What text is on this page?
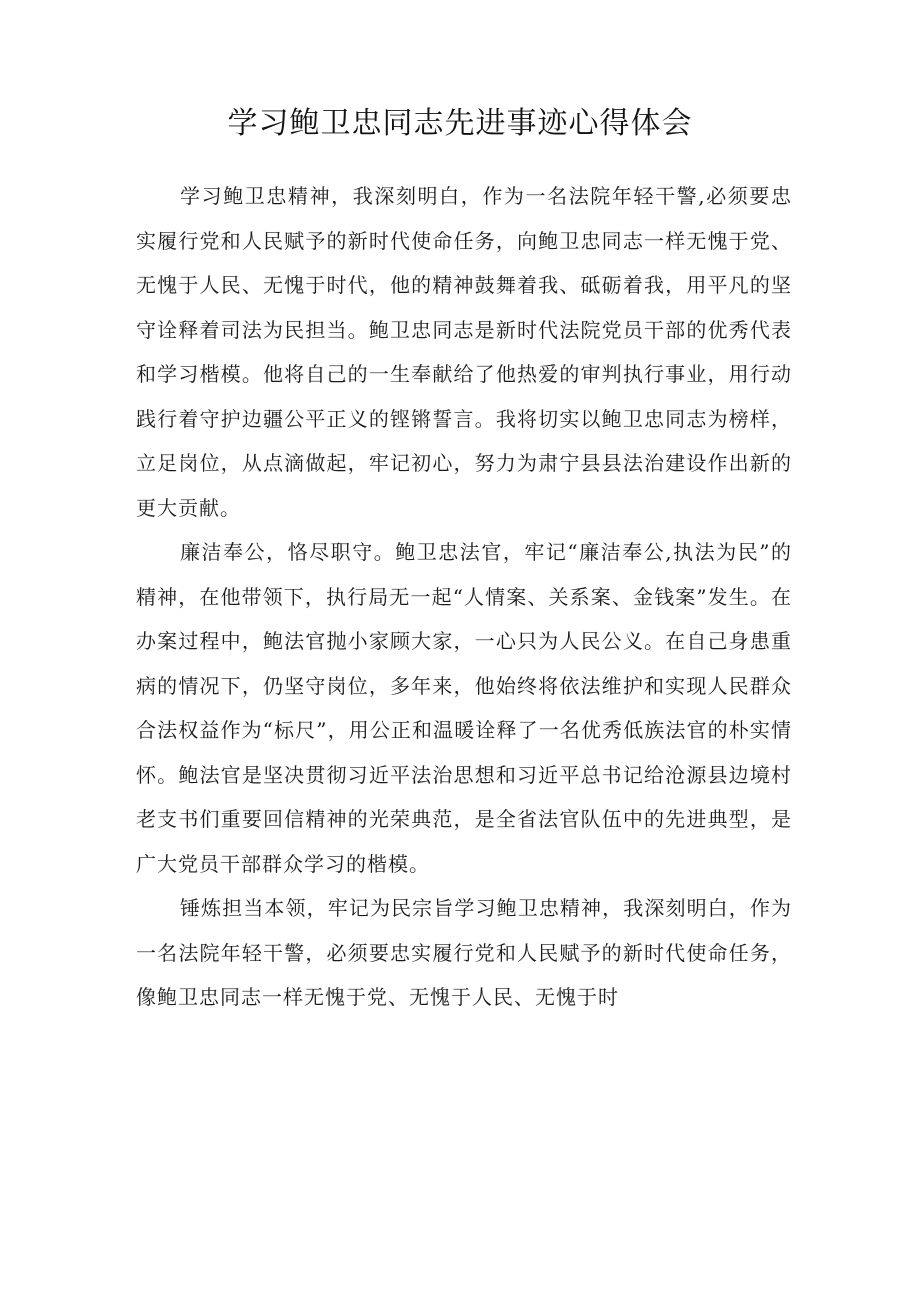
学习鲍卫忠同志先进事迹心得体会

学习鲍卫忠精神，我深刻明白，作为一名法院年轻干警,必须要忠实履行党和人民赋予的新时代使命任务，向鲍卫忠同志一样无愧于党、无愧于人民、无愧于时代，他的精神鼓舞着我、砥砺着我，用平凡的坚守诠释着司法为民担当。鲍卫忠同志是新时代法院党员干部的优秀代表和学习楷模。他将自己的一生奉献给了他热爱的审判执行事业，用行动践行着守护边疆公平正义的铿锵誓言。我将切实以鲍卫忠同志为榜样，立足岗位，从点滴做起，牢记初心，努力为肃宁县县法治建设作出新的更大贡献。

廉洁奉公，恪尽职守。鲍卫忠法官，牢记“廉洁奉公,执法为民”的精神，在他带领下，执行局无一起“人情案、关系案、金钱案”发生。在办案过程中，鲍法官抛小家顾大家，一心只为人民公义。在自己身患重病的情况下，仍坚守岗位，多年来，他始终将依法维护和实现人民群众合法权益作为“标尺”，用公正和温暖诠释了一名优秀低族法官的朴实情怀。鲍法官是坚决贯彻习近平法治思想和习近平总书记给沧源县边境村老支书们重要回信精神的光荣典范，是全省法官队伍中的先进典型，是广大党员干部群众学习的楷模。

锤炼担当本领，牢记为民宗旨学习鲍卫忠精神，我深刻明白，作为一名法院年轻干警，必须要忠实履行党和人民赋予的新时代使命任务，像鲍卫忠同志一样无愧于党、无愧于人民、无愧于时
